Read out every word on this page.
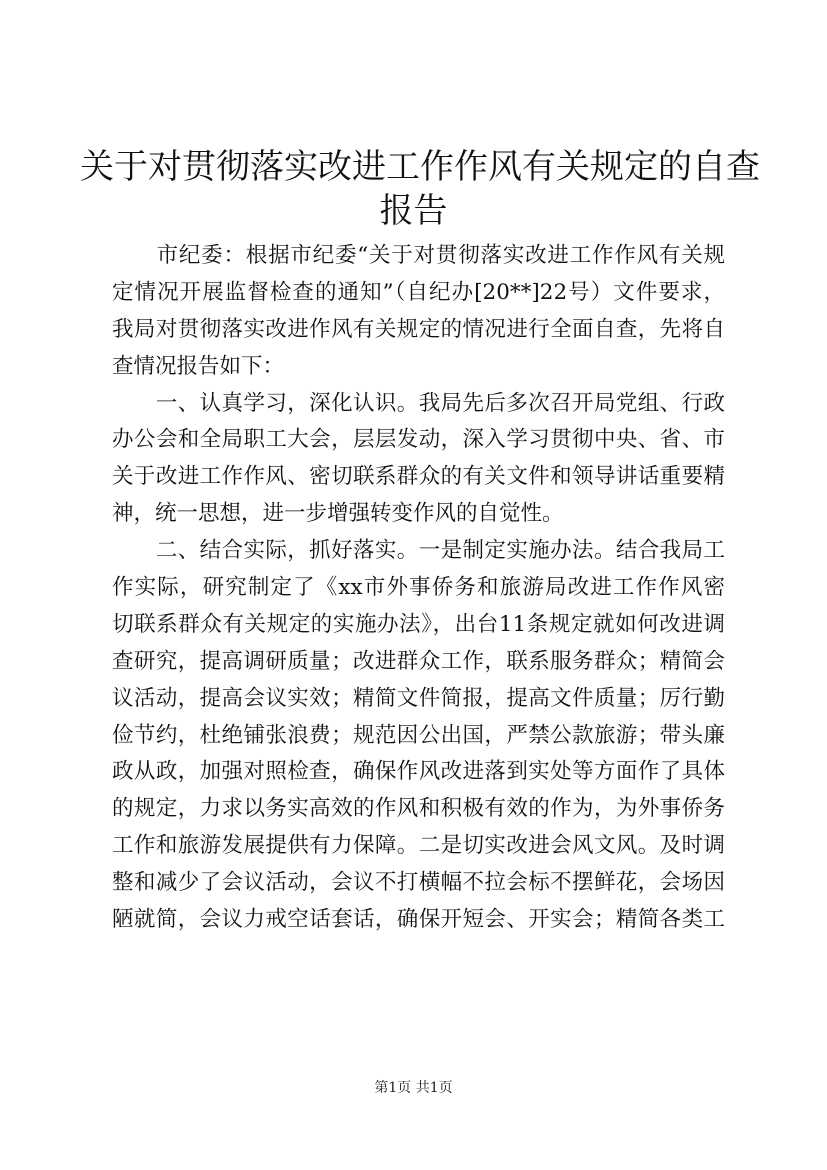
关于对贯彻落实改进工作作风有关规定的自查
报告
　　市纪委：根据市纪委“关于对贯彻落实改进工作作风有关规
定情况开展监督检查的通知”（自纪办[20**]22号）文件要求，
我局对贯彻落实改进作风有关规定的情况进行全面自查，先将自
查情况报告如下：
　　一、认真学习，深化认识。我局先后多次召开局党组、行政
办公会和全局职工大会，层层发动，深入学习贯彻中央、省、市
关于改进工作作风、密切联系群众的有关文件和领导讲话重要精
神，统一思想，进一步增强转变作风的自觉性。
　　二、结合实际，抓好落实。一是制定实施办法。结合我局工
作实际，研究制定了《xx市外事侨务和旅游局改进工作作风密
切联系群众有关规定的实施办法》，出台11条规定就如何改进调
查研究，提高调研质量；改进群众工作，联系服务群众；精简会
议活动，提高会议实效；精简文件简报，提高文件质量；厉行勤
俭节约，杜绝铺张浪费；规范因公出国，严禁公款旅游；带头廉
政从政，加强对照检查，确保作风改进落到实处等方面作了具体
的规定，力求以务实高效的作风和积极有效的作为，为外事侨务
工作和旅游发展提供有力保障。二是切实改进会风文风。及时调
整和减少了会议活动，会议不打横幅不拉会标不摆鲜花，会场因
陋就简，会议力戒空话套话，确保开短会、开实会；精简各类工
第1页 共1页
